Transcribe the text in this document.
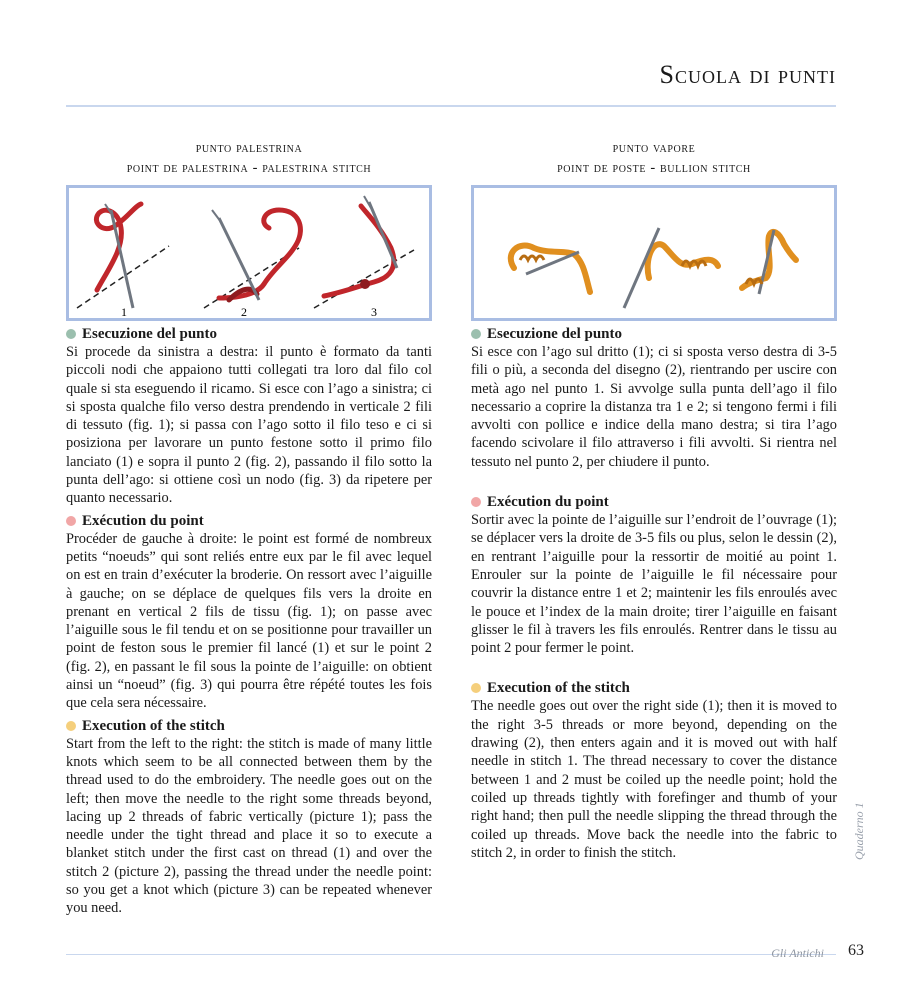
Scuola di punti
punto palestrina
point de palestrina - palestrina stitch
1	2	3
Esecuzione del punto

Si procede da sinistra a destra: il punto è formato da tanti piccoli nodi che appaiono tutti collegati tra loro dal filo col quale si sta eseguendo il ricamo. Si esce con l’ago a sinistra; ci si sposta qualche filo verso destra prendendo in verticale 2 fili di tessuto (fig. 1); si passa con l’ago sotto il filo teso e ci si posiziona per lavorare un punto festone sotto il primo filo lanciato (1) e sopra il punto 2 (fig. 2), passando il filo sotto la punta dell’ago: si ottiene così un nodo (fig. 3) da ripetere per quanto necessario.

Exécution du point

Procéder de gauche à droite: le point est formé de nombreux petits “noeuds” qui sont reliés entre eux par le fil avec lequel on est en train d’exécuter la broderie. On ressort avec l’aiguille à gauche; on se déplace de quelques fils vers la droite en prenant en vertical 2 fils de tissu (fig. 1); on passe avec l’aiguille sous le fil tendu et on se positionne pour travailler un point de feston sous le premier fil lancé (1) et sur le point 2 (fig. 2), en passant le fil sous la pointe de l’aiguille: on obtient ainsi un “noeud” (fig. 3) qui pourra être répété toutes les fois que cela sera nécessaire.

Execution of the stitch

Start from the left to the right: the stitch is made of many little knots which seem to be all connected between them by the thread used to do the embroidery. The needle goes out on the left; then move the needle to the right some threads beyond, lacing up 2 threads of fabric vertically (picture 1); pass the needle under the tight thread and place it so to execute a blanket stitch under the first cast on thread (1) and over the stitch 2 (picture 2), passing the thread under the needle point: so you get a knot which (picture 3) can be repeated whenever you need.

punto vapore
point de poste - bullion stitch
Esecuzione del punto

Si esce con l’ago sul dritto (1); ci si sposta verso destra di 3-5 fili o più, a seconda del disegno (2), rientrando per uscire con metà ago nel punto 1. Si avvolge sulla punta dell’ago il filo necessario a coprire la distanza tra 1 e 2; si tengono fermi i fili avvolti con pollice e indice della mano destra; si tira l’ago facendo scivolare il filo attraverso i fili avvolti. Si rientra nel tessuto nel punto 2, per chiudere il punto.

Exécution du point

Sortir avec la pointe de l’aiguille sur l’endroit de l’ouvrage (1); se déplacer vers la droite de 3-5 fils ou plus, selon le dessin (2), en rentrant l’aiguille pour la ressortir de moitié au point 1. Enrouler sur la pointe de l’aiguille le fil nécessaire pour couvrir la distance entre 1 et 2; maintenir les fils enroulés avec le pouce et l’index de la main droite; tirer l’aiguille en faisant glisser le fil à travers les fils enroulés. Rentrer dans le tissu au point 2 pour fermer le point.

Execution of the stitch

The needle goes out over the right side (1); then it is moved to the right 3-5 threads or more beyond, depending on the drawing (2), then enters again and it is moved out with half needle in stitch 1. The thread necessary to cover the distance between 1 and 2 must be coiled up the needle point; hold the coiled up threads tightly with forefinger and thumb of your right hand; then pull the needle slipping the thread through the coiled up threads. Move back the needle into the fabric to stitch 2, in order to finish the stitch.	Quaderno 1
Gli Antichi 63
